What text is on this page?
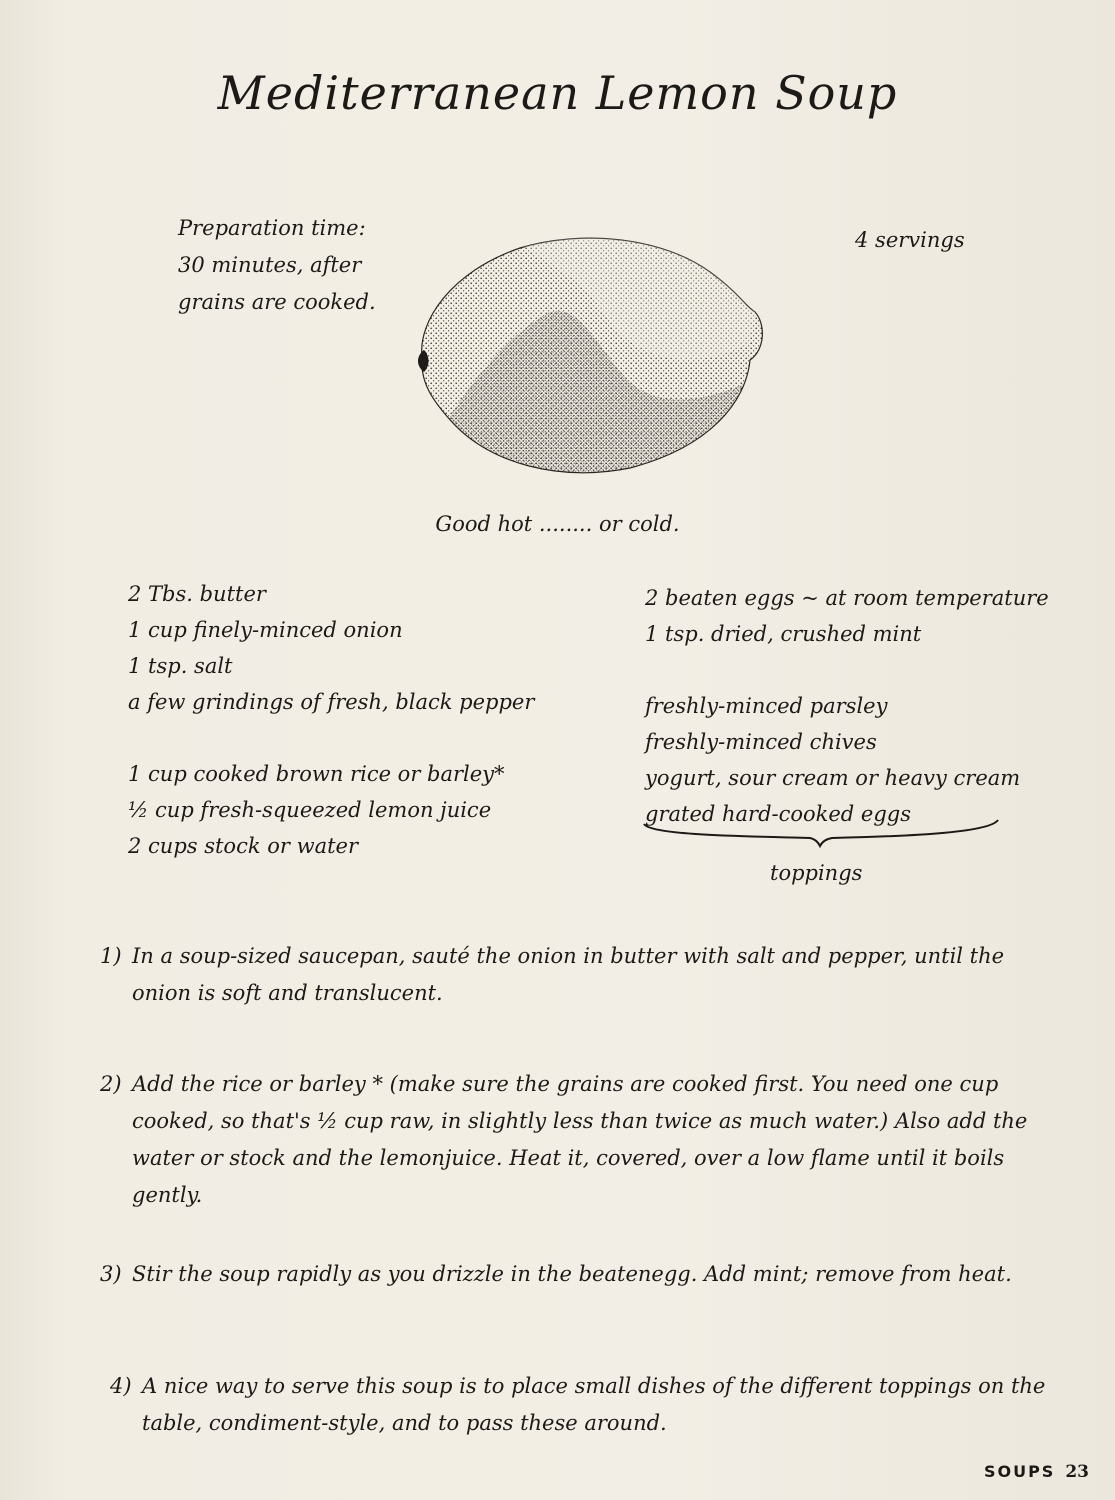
Mediterranean Lemon Soup
Preparation time:
30 minutes, after
grains are cooked.
4 servings
Good hot ........ or cold.
2 Tbs. butter
1 cup finely-minced onion
1 tsp. salt
a few grindings of fresh, black pepper
1 cup cooked brown rice or barley*
½ cup fresh-squeezed lemon juice
2 cups stock or water
2 beaten eggs ~ at room temperature
1 tsp. dried, crushed mint
freshly-minced parsley
freshly-minced chives
yogurt, sour cream or heavy cream
grated hard-cooked eggs
toppings
1) In a soup-sized saucepan, sauté the onion in butter with salt and pepper, until the onion is soft and translucent.
2) Add the rice or barley * (make sure the grains are cooked first. You need one cup cooked, so that's ½ cup raw, in slightly less than twice as much water.) Also add the water or stock and the lemonjuice. Heat it, covered, over a low flame until it boils gently.
3) Stir the soup rapidly as you drizzle in the beatenegg. Add mint; remove from heat.
4) A nice way to serve this soup is to place small dishes of the different toppings on the table, condiment-style, and to pass these around.
SOUPS 23
